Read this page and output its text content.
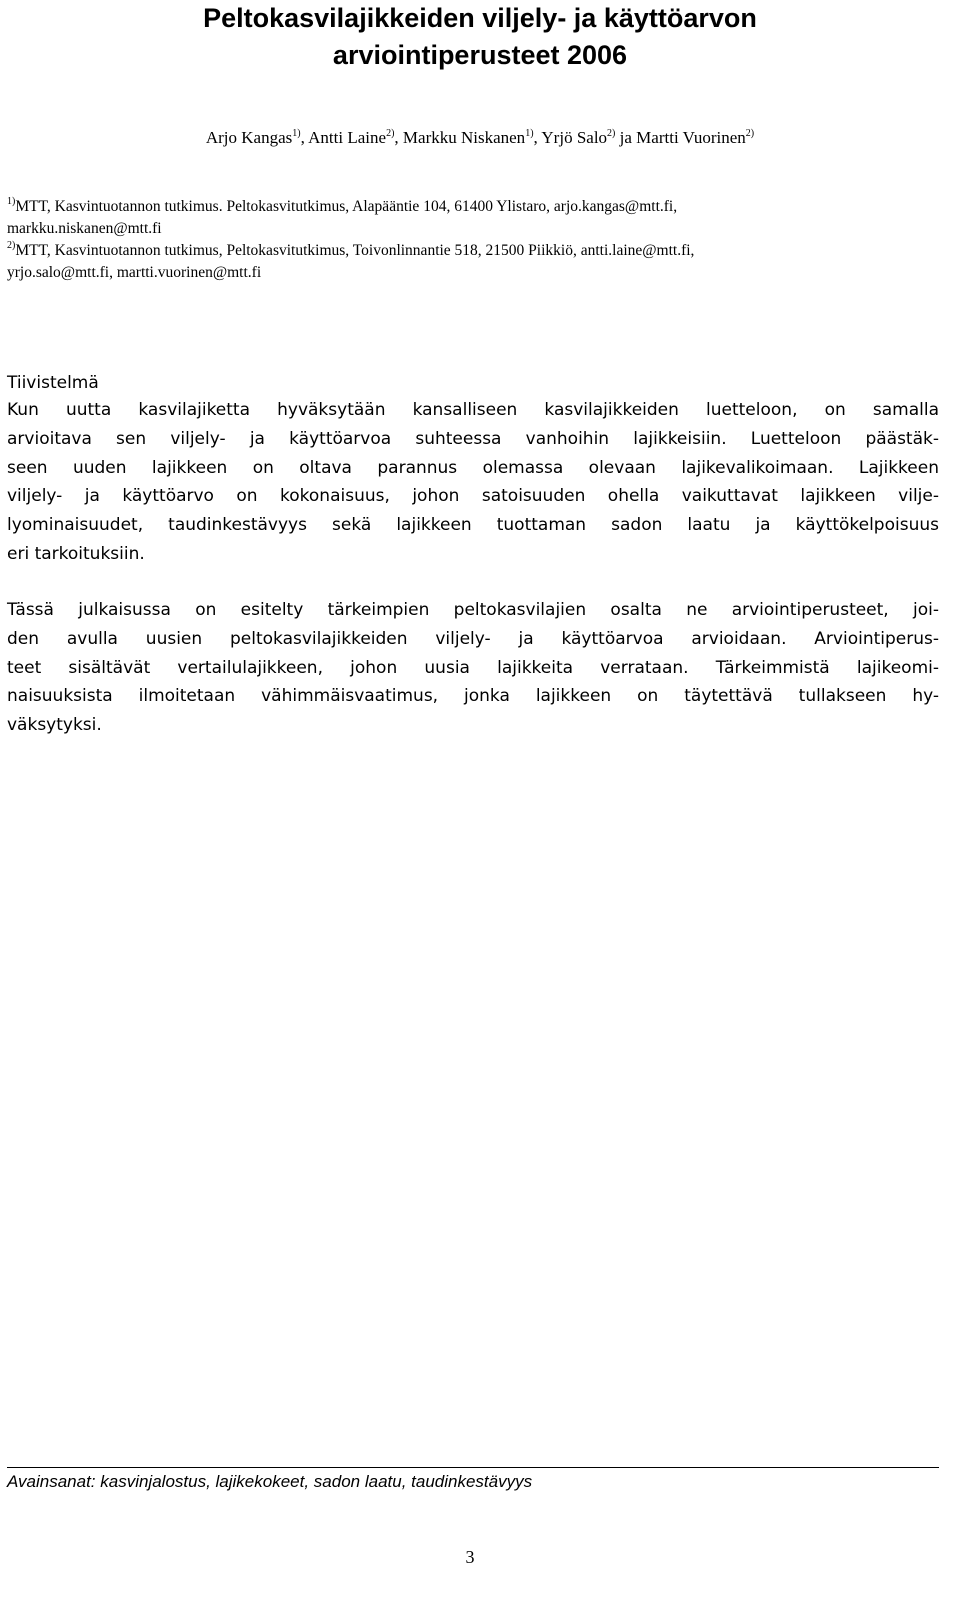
Peltokasvilajikkeiden viljely- ja käyttöarvon
arviointiperusteet 2006
Arjo Kangas$^{1)}$, Antti Laine$^{2)}$, Markku Niskanen$^{1)}$, Yrjö Salo$^{2)}$ ja Martti Vuorinen$^{2)}$
$^{1)}$MTT, Kasvintuotannon tutkimus. Peltokasvitutkimus, Alapääntie 104, 61400 Ylistaro, arjo.kangas@mtt.fi,
markku.niskanen@mtt.fi
$^{2)}$MTT, Kasvintuotannon tutkimus, Peltokasvitutkimus, Toivonlinnantie 518, 21500 Piikkiö, antti.laine@mtt.fi,
yrjo.salo@mtt.fi, martti.vuorinen@mtt.fi
Tiivistelmä
Kun uutta kasvilajiketta hyväksytään kansalliseen kasvilajikkeiden luetteloon, on samalla
arvioitava sen viljely- ja käyttöarvoa suhteessa vanhoihin lajikkeisiin. Luetteloon päästäk-
seen uuden lajikkeen on oltava parannus olemassa olevaan lajikevalikoimaan. Lajikkeen
viljely- ja käyttöarvo on kokonaisuus, johon satoisuuden ohella vaikuttavat lajikkeen vilje-
lyominaisuudet, taudinkestävyys sekä lajikkeen tuottaman sadon laatu ja käyttökelpoisuus
eri tarkoituksiin.
Tässä julkaisussa on esitelty tärkeimpien peltokasvilajien osalta ne arviointiperusteet, joi-
den avulla uusien peltokasvilajikkeiden viljely- ja käyttöarvoa arvioidaan. Arviointiperus-
teet sisältävät vertailulajikkeen, johon uusia lajikkeita verrataan. Tärkeimmistä lajikeomi-
naisuuksista ilmoitetaan vähimmäisvaatimus, jonka lajikkeen on täytettävä tullakseen hy-
väksytyksi.
Avainsanat: kasvinjalostus, lajikekokeet, sadon laatu, taudinkestävyys
3
